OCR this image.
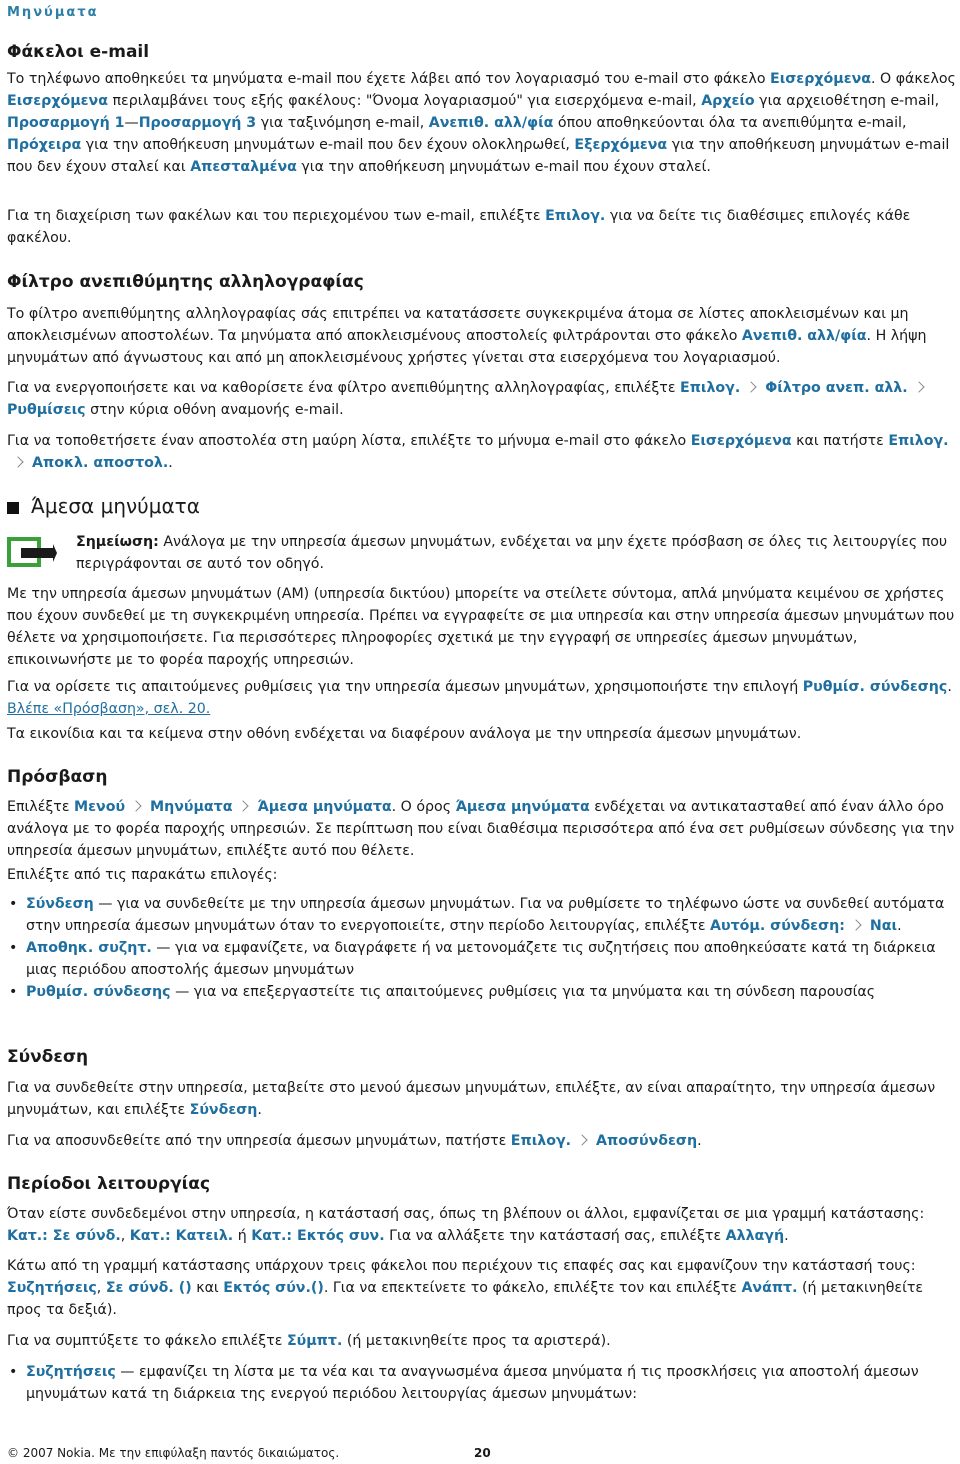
Μηνύματα
Φάκελοι e-mail

Το τηλέφωνο αποθηκεύει τα μηνύματα e-mail που έχετε λάβει από τον λογαριασμό του e-mail στο φάκελο Εισερχόμενα. Ο φάκελος Εισερχόμενα περιλαμβάνει τους εξής φακέλους: "Όνομα λογαριασμού" για εισερχόμενα e-mail, Αρχείο για αρχειοθέτηση e-mail, Προσαρμογή 1—Προσαρμογή 3 για ταξινόμηση e-mail, Ανεπιθ. αλλ/φία όπου αποθηκεύονται όλα τα ανεπιθύμητα e-mail, Πρόχειρα για την αποθήκευση μηνυμάτων e-mail που δεν έχουν ολοκληρωθεί, Εξερχόμενα για την αποθήκευση μηνυμάτων e-mail που δεν έχουν σταλεί και Απεσταλμένα για την αποθήκευση μηνυμάτων e-mail που έχουν σταλεί.

Για τη διαχείριση των φακέλων και του περιεχομένου των e-mail, επιλέξτε Επιλογ. για να δείτε τις διαθέσιμες επιλογές κάθε φακέλου.

Φίλτρο ανεπιθύμητης αλληλογραφίας

Το φίλτρο ανεπιθύμητης αλληλογραφίας σάς επιτρέπει να κατατάσσετε συγκεκριμένα άτομα σε λίστες αποκλεισμένων και μη αποκλεισμένων αποστολέων. Τα μηνύματα από αποκλεισμένους αποστολείς φιλτράρονται στο φάκελο Ανεπιθ. αλλ/φία. Η λήψη μηνυμάτων από άγνωστους και από μη αποκλεισμένους χρήστες γίνεται στα εισερχόμενα του λογαριασμού.

Για να ενεργοποιήσετε και να καθορίσετε ένα φίλτρο ανεπιθύμητης αλληλογραφίας, επιλέξτε Επιλογ. Φίλτρο ανεπ. αλλ.Ρυθμίσεις στην κύρια οθόνη αναμονής e-mail.

Για να τοποθετήσετε έναν αποστολέα στη μαύρη λίστα, επιλέξτε το μήνυμα e-mail στο φάκελο Εισερχόμενα και πατήστε Επιλογ.Αποκλ. αποστολ..

Άμεσα μηνύματα

Σημείωση: Ανάλογα με την υπηρεσία άμεσων μηνυμάτων, ενδέχεται να μην έχετε πρόσβαση σε όλες τις λειτουργίες που περιγράφονται σε αυτό τον οδηγό.

Με την υπηρεσία άμεσων μηνυμάτων (ΑΜ) (υπηρεσία δικτύου) μπορείτε να στείλετε σύντομα, απλά μηνύματα κειμένου σε χρήστες που έχουν συνδεθεί με τη συγκεκριμένη υπηρεσία. Πρέπει να εγγραφείτε σε μια υπηρεσία και στην υπηρεσία άμεσων μηνυμάτων που θέλετε να χρησιμοποιήσετε. Για περισσότερες πληροφορίες σχετικά με την εγγραφή σε υπηρεσίες άμεσων μηνυμάτων, επικοινωνήστε με το φορέα παροχής υπηρεσιών.

Για να ορίσετε τις απαιτούμενες ρυθμίσεις για την υπηρεσία άμεσων μηνυμάτων, χρησιμοποιήστε την επιλογή Ρυθμίσ. σύνδεσης. Βλέπε «Πρόσβαση», σελ. 20.

Τα εικονίδια και τα κείμενα στην οθόνη ενδέχεται να διαφέρουν ανάλογα με την υπηρεσία άμεσων μηνυμάτων.

Πρόσβαση

Επιλέξτε Μενού Μηνύματα Άμεσα μηνύματα. Ο όρος Άμεσα μηνύματα ενδέχεται να αντικατασταθεί από έναν άλλο όρο ανάλογα με το φορέα παροχής υπηρεσιών. Σε περίπτωση που είναι διαθέσιμα περισσότερα από ένα σετ ρυθμίσεων σύνδεσης για την υπηρεσία άμεσων μηνυμάτων, επιλέξτε αυτό που θέλετε.

Επιλέξτε από τις παρακάτω επιλογές:

• Σύνδεση — για να συνδεθείτε με την υπηρεσία άμεσων μηνυμάτων. Για να ρυθμίσετε το τηλέφωνο ώστε να συνδεθεί αυτόματα στην υπηρεσία άμεσων μηνυμάτων όταν το ενεργοποιείτε, στην περίοδο λειτουργίας, επιλέξτε Αυτόμ. σύνδεση: Ναι.
• Αποθηκ. συζητ. — για να εμφανίζετε, να διαγράφετε ή να μετονομάζετε τις συζητήσεις που αποθηκεύσατε κατά τη διάρκεια μιας περιόδου αποστολής άμεσων μηνυμάτων
• Ρυθμίσ. σύνδεσης — για να επεξεργαστείτε τις απαιτούμενες ρυθμίσεις για τα μηνύματα και τη σύνδεση παρουσίας
Σύνδεση

Για να συνδεθείτε στην υπηρεσία, μεταβείτε στο μενού άμεσων μηνυμάτων, επιλέξτε, αν είναι απαραίτητο, την υπηρεσία άμεσων μηνυμάτων, και επιλέξτε Σύνδεση.

Για να αποσυνδεθείτε από την υπηρεσία άμεσων μηνυμάτων, πατήστε Επιλογ. Αποσύνδεση.

Περίοδοι λειτουργίας

Όταν είστε συνδεδεμένοι στην υπηρεσία, η κατάστασή σας, όπως τη βλέπουν οι άλλοι, εμφανίζεται σε μια γραμμή κατάστασης: Κατ.: Σε σύνδ., Κατ.: Κατειλ. ή Κατ.: Εκτός συν. Για να αλλάξετε την κατάστασή σας, επιλέξτε Αλλαγή.

Κάτω από τη γραμμή κατάστασης υπάρχουν τρεις φάκελοι που περιέχουν τις επαφές σας και εμφανίζουν την κατάστασή τους: Συζητήσεις, Σε σύνδ. () και Εκτός σύν.(). Για να επεκτείνετε το φάκελο, επιλέξτε τον και επιλέξτε Ανάπτ. (ή μετακινηθείτε προς τα δεξιά).

Για να συμπτύξετε το φάκελο επιλέξτε Σύμπτ. (ή μετακινηθείτε προς τα αριστερά).

• Συζητήσεις — εμφανίζει τη λίστα με τα νέα και τα αναγνωσμένα άμεσα μηνύματα ή τις προσκλήσεις για αποστολή άμεσων μηνυμάτων κατά τη διάρκεια της ενεργού περιόδου λειτουργίας άμεσων μηνυμάτων:
© 2007 Nokia. Με την επιφύλαξη παντός δικαιώματος.	20
